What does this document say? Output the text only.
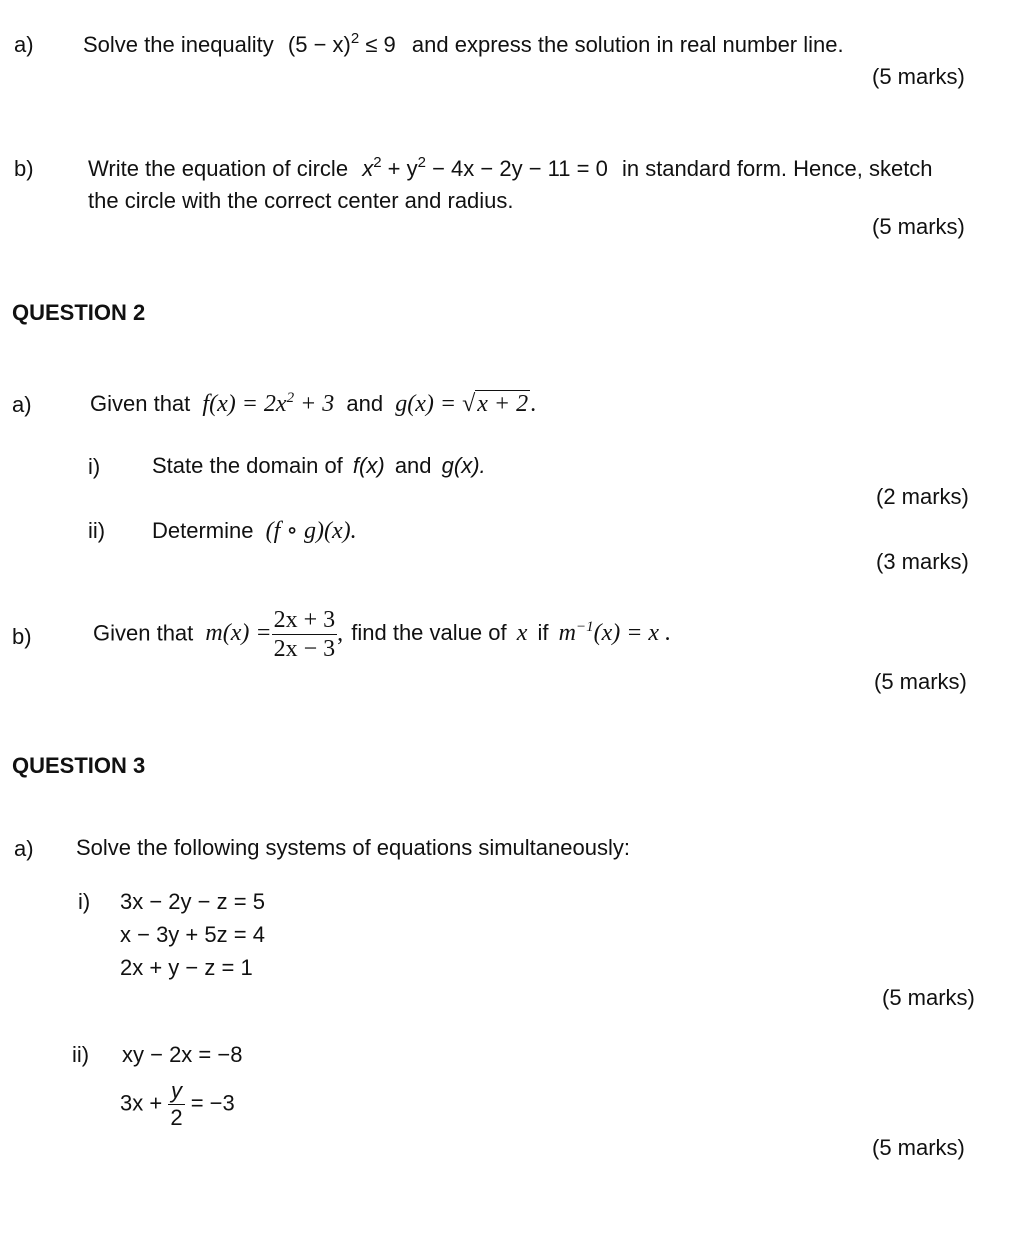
a) Solve the inequality $(5 - x)^2 \le 9$ and express the solution in real number line.
(5 marks)
b) Write the equation of circle $x^2 + y^2 - 4x - 2y - 11 = 0$ in standard form. Hence, sketch
the circle with the correct center and radius.
(5 marks)
QUESTION 2
a)	Given that $f(x) = 2x^2 + 3$ and g(x) = √x + 2.
i) State the domain of f(x) and g(x).
(2 marks)
ii) Determine (f ∘ g)(x).
(3 marks)
b)	Given that $m(x) = \frac{2x + 3}{2x - 3}$ , find the value of x if $m^{-1}(x) = x$ .
(5 marks)
QUESTION 3
a) Solve the following systems of equations simultaneously:
i) 3x − 2y − z = 5
x − 3y + 5z = 4
2x + y − z = 1
(5 marks)
ii) xy − 2x = −8
$3x + \frac{y}{2} = -3$
(5 marks)
